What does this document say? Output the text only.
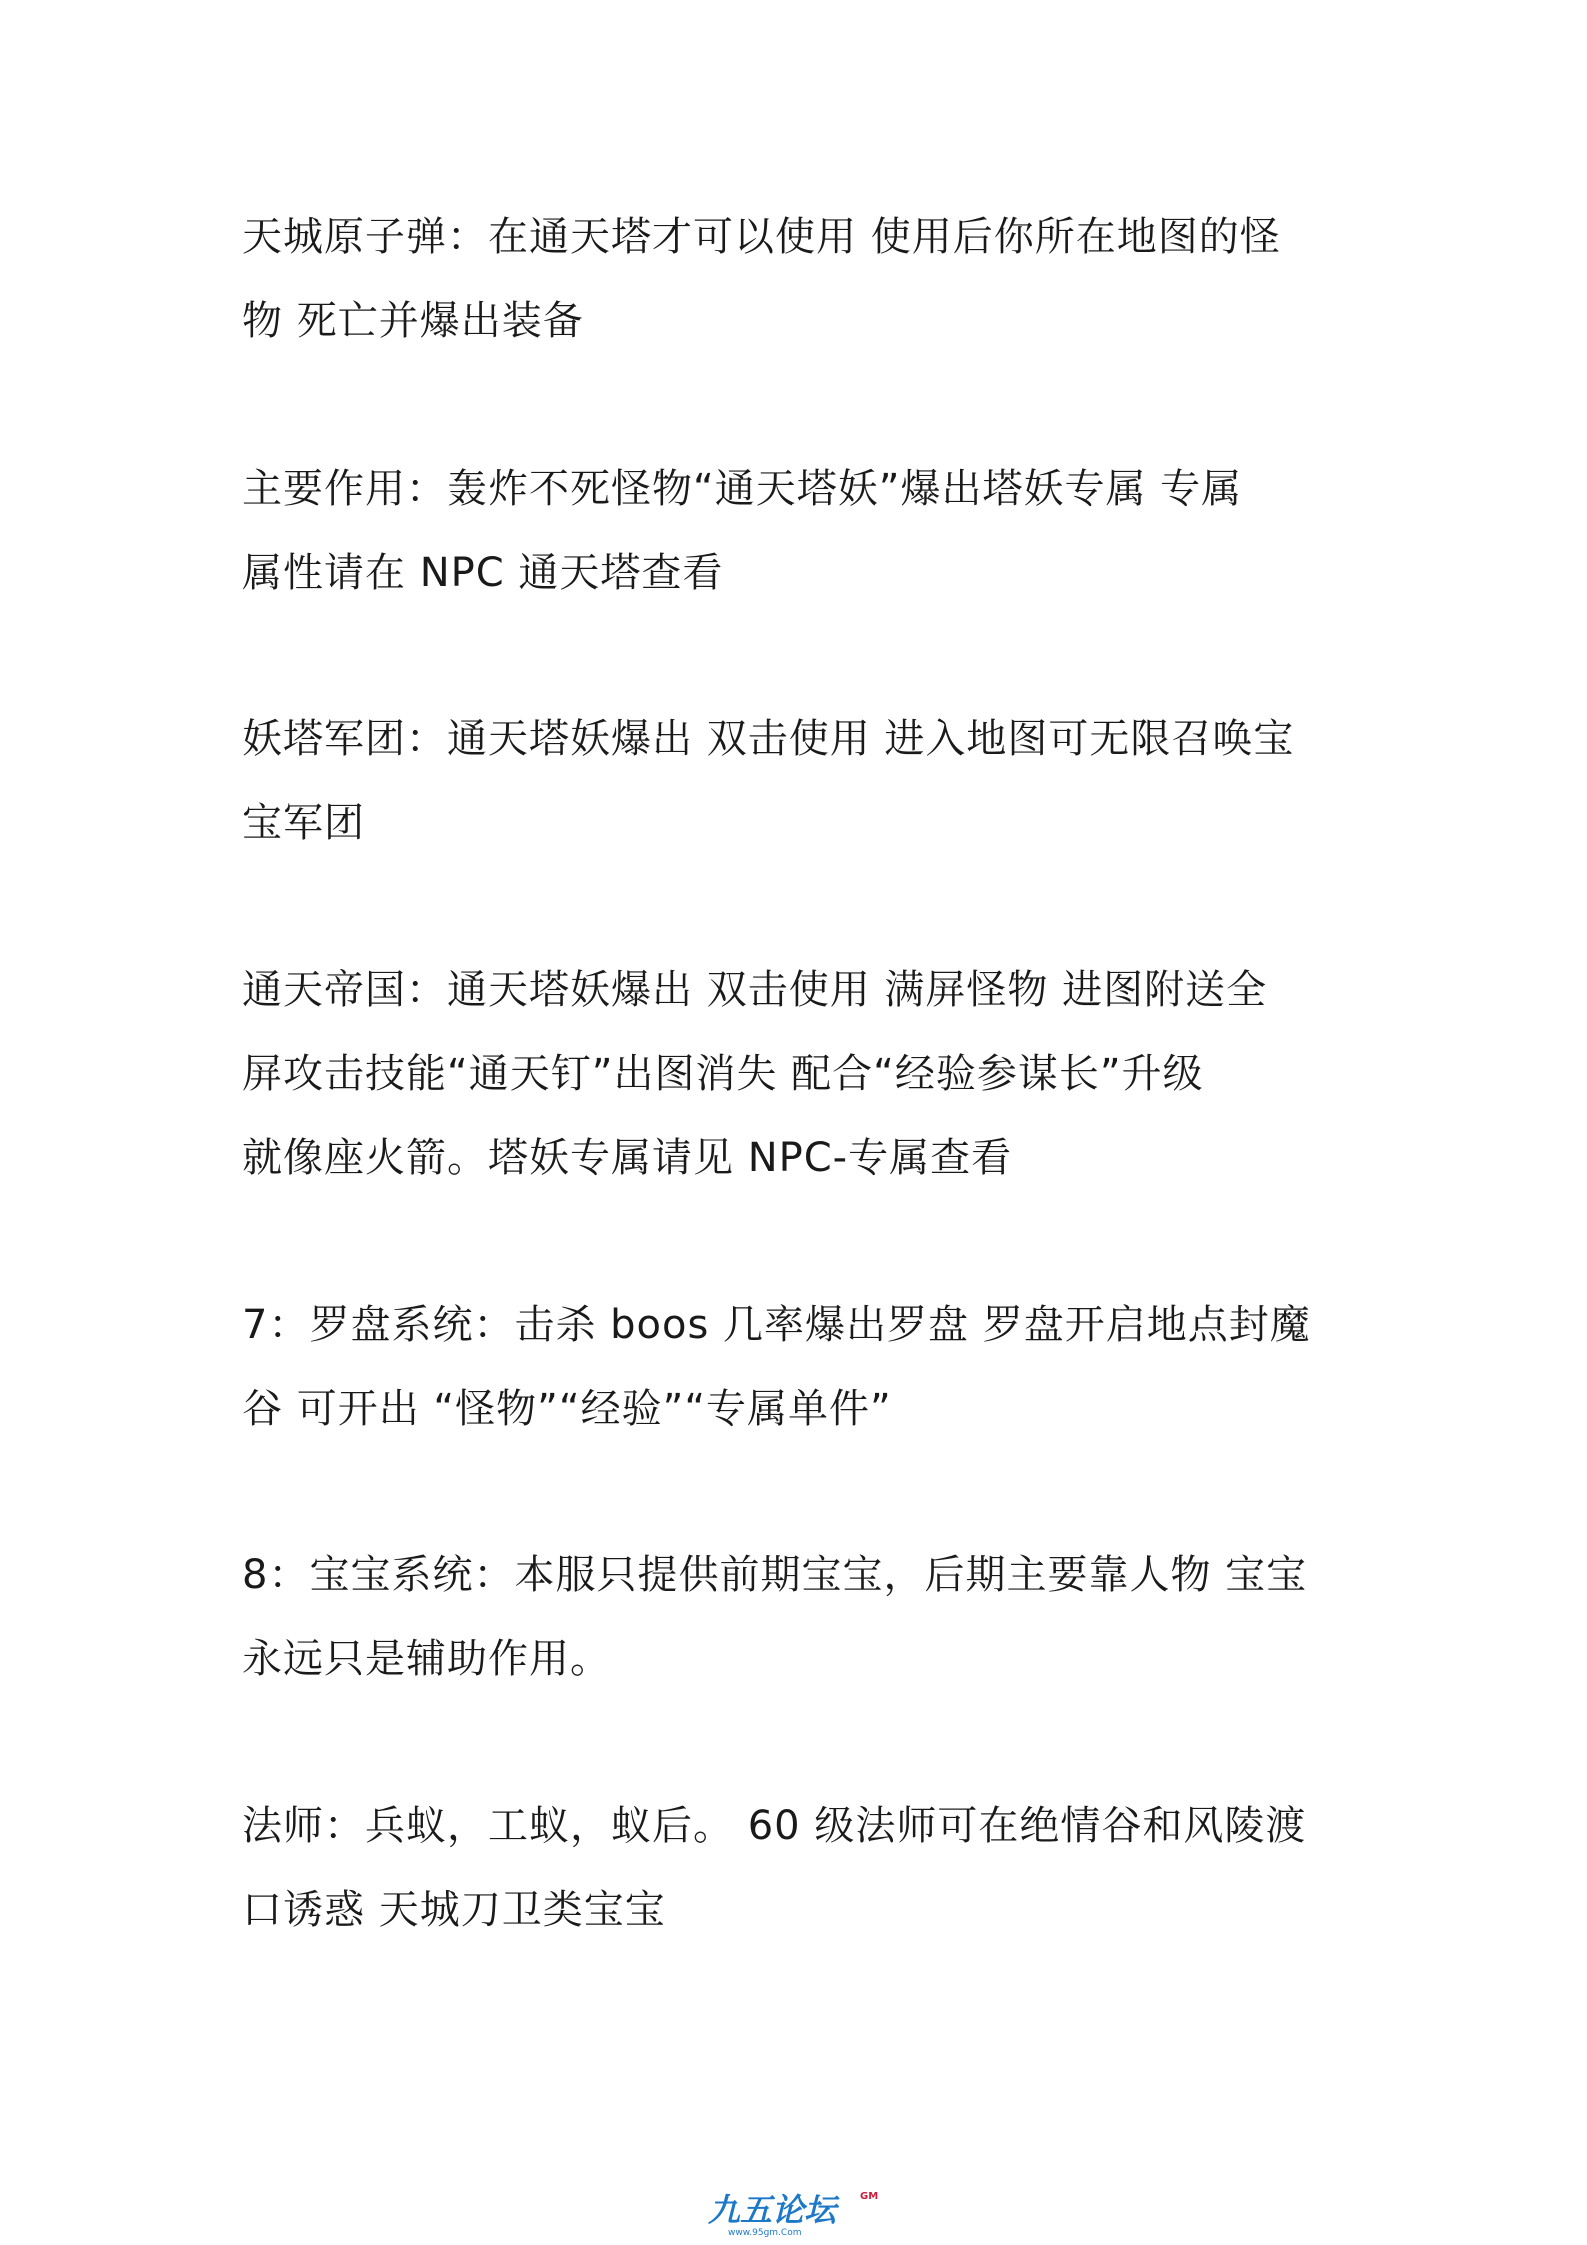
天城原子弹：在通天塔才可以使用 使用后你所在地图的怪
物 死亡并爆出装备
主要作用：轰炸不死怪物“通天塔妖”爆出塔妖专属 专属
属性请在 NPC 通天塔查看
妖塔军团：通天塔妖爆出 双击使用 进入地图可无限召唤宝
宝军团
通天帝国：通天塔妖爆出 双击使用 满屏怪物 进图附送全
屏攻击技能“通天钉”出图消失 配合“经验参谋长”升级
就像座火箭。塔妖专属请见 NPC-专属查看
7：罗盘系统：击杀 boos 几率爆出罗盘 罗盘开启地点封魔
谷 可开出 “怪物”“经验”“专属单件”
8：宝宝系统：本服只提供前期宝宝，后期主要靠人物 宝宝
永远只是辅助作用。
法师：兵蚁，工蚁，蚁后。 60 级法师可在绝情谷和风陵渡
口诱惑 天城刀卫类宝宝
九五论坛
www.95gm.Com
GM
